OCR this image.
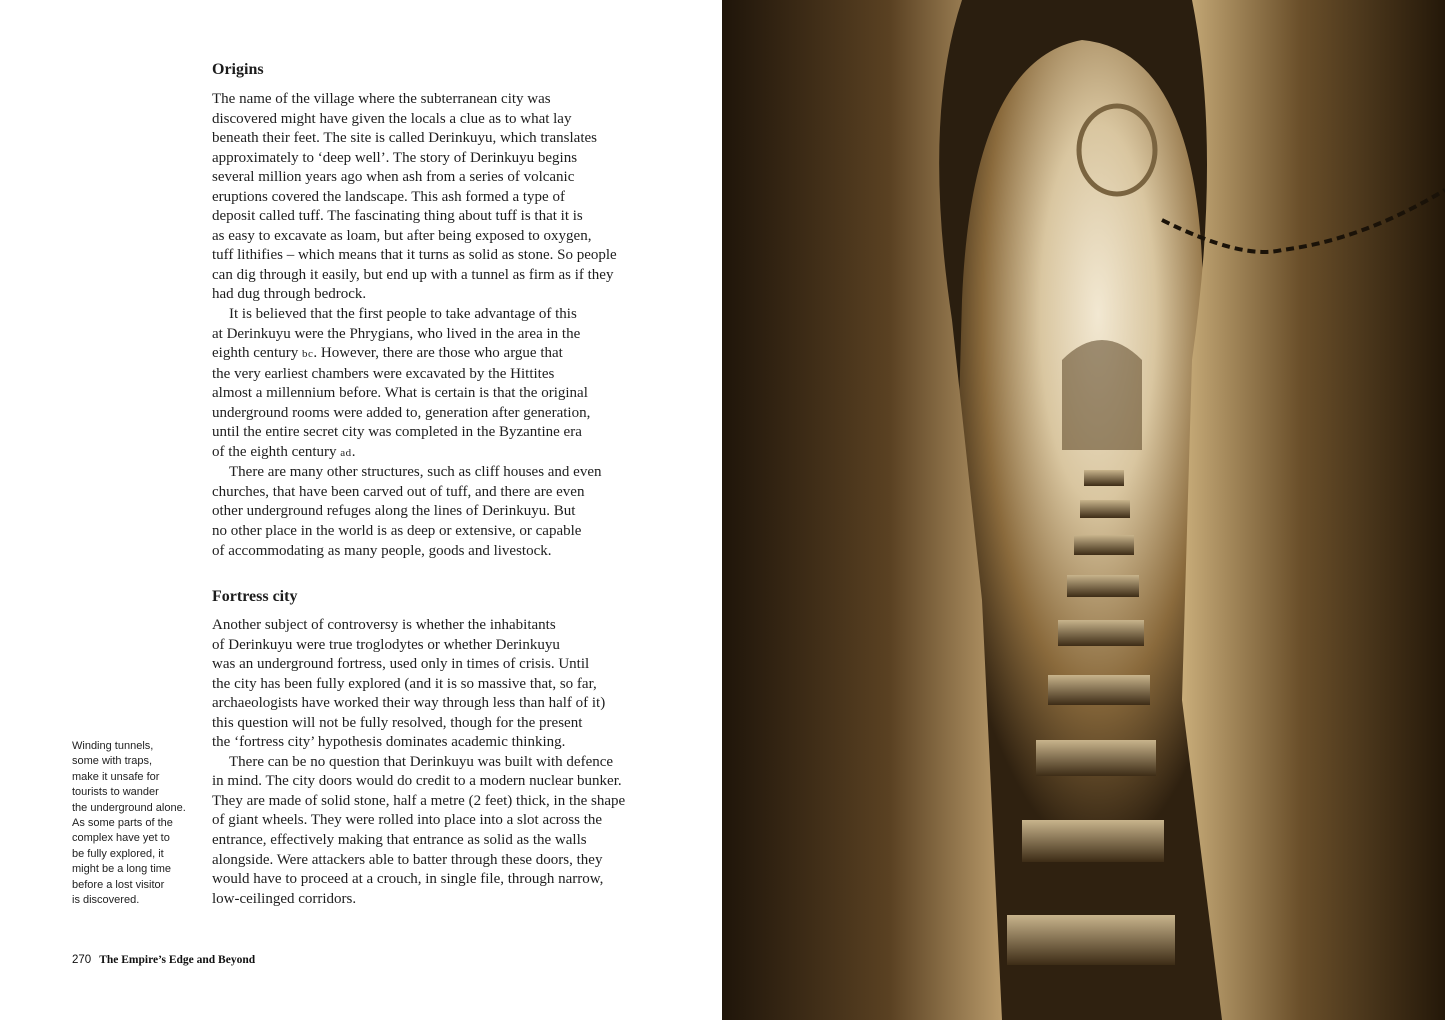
Origins

The name of the village where the subterranean city was
discovered might have given the locals a clue as to what lay
beneath their feet. The site is called Derinkuyu, which translates
approximately to ‘deep well’. The story of Derinkuyu begins
several million years ago when ash from a series of volcanic
eruptions covered the landscape. This ash formed a type of
deposit called tuff. The fascinating thing about tuff is that it is
as easy to excavate as loam, but after being exposed to oxygen,
tuff lithifies – which means that it turns as solid as stone. So people
can dig through it easily, but end up with a tunnel as firm as if they
had dug through bedrock.

It is believed that the first people to take advantage of this
at Derinkuyu were the Phrygians, who lived in the area in the
eighth century bc. However, there are those who argue that
the very earliest chambers were excavated by the Hittites
almost a millennium before. What is certain is that the original
underground rooms were added to, generation after generation,
until the entire secret city was completed in the Byzantine era
of the eighth century ad.

There are many other structures, such as cliff houses and even
churches, that have been carved out of tuff, and there are even
other underground refuges along the lines of Derinkuyu. But
no other place in the world is as deep or extensive, or capable
of accommodating as many people, goods and livestock.

Fortress city

Another subject of controversy is whether the inhabitants
of Derinkuyu were true troglodytes or whether Derinkuyu
was an underground fortress, used only in times of crisis. Until
the city has been fully explored (and it is so massive that, so far,
archaeologists have worked their way through less than half of it)
this question will not be fully resolved, though for the present
the ‘fortress city’ hypothesis dominates academic thinking.

There can be no question that Derinkuyu was built with defence
in mind. The city doors would do credit to a modern nuclear bunker.
They are made of solid stone, half a metre (2 feet) thick, in the shape
of giant wheels. They were rolled into place into a slot across the
entrance, effectively making that entrance as solid as the walls
alongside. Were attackers able to batter through these doors, they
would have to proceed at a crouch, in single file, through narrow,
low-ceilinged corridors.

Winding tunnels,
some with traps,
make it unsafe for
tourists to wander
the underground alone.
As some parts of the
complex have yet to
be fully explored, it
might be a long time
before a lost visitor
is discovered.
270 The Empire’s Edge and Beyond
